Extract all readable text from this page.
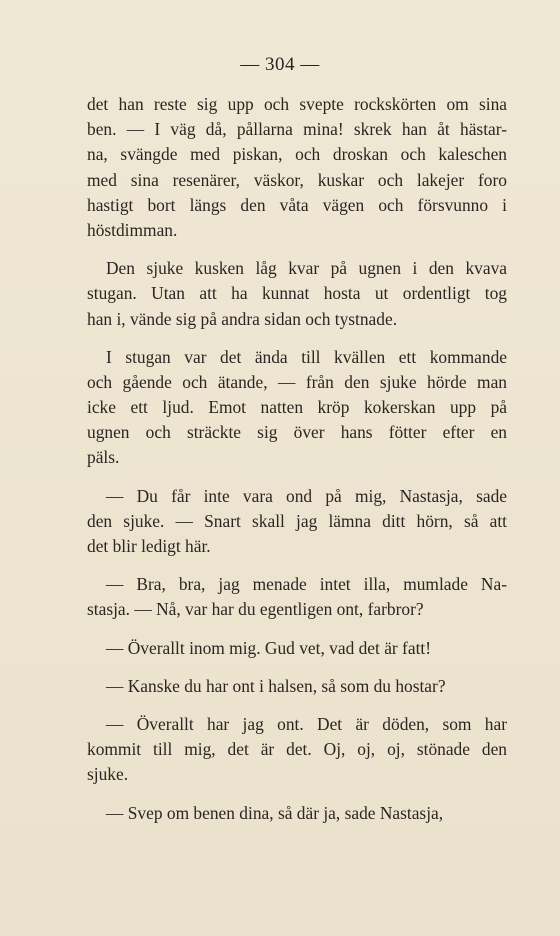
— 304 —

det han reste sig upp och svepte rockskörten om sina
ben. — I väg då, pållarna mina! skrek han åt hästar-
na, svängde med piskan, och droskan och kaleschen
med sina resenärer, väskor, kuskar och lakejer foro
hastigt bort längs den våta vägen och försvunno i
höstdimman.

Den sjuke kusken låg kvar på ugnen i den kvava
stugan. Utan att ha kunnat hosta ut ordentligt tog
han i, vände sig på andra sidan och tystnade.

I stugan var det ända till kvällen ett kommande
och gående och ätande, — från den sjuke hörde man
icke ett ljud. Emot natten kröp kokerskan upp på
ugnen och sträckte sig över hans fötter efter en
päls.

— Du får inte vara ond på mig, Nastasja, sade
den sjuke. — Snart skall jag lämna ditt hörn, så att
det blir ledigt här.

— Bra, bra, jag menade intet illa, mumlade Na-
stasja. — Nå, var har du egentligen ont, farbror?

— Överallt inom mig. Gud vet, vad det är fatt!

— Kanske du har ont i halsen, så som du hostar?

— Överallt har jag ont. Det är döden, som har
kommit till mig, det är det. Oj, oj, oj, stönade den
sjuke.

— Svep om benen dina, så där ja, sade Nastasja,
